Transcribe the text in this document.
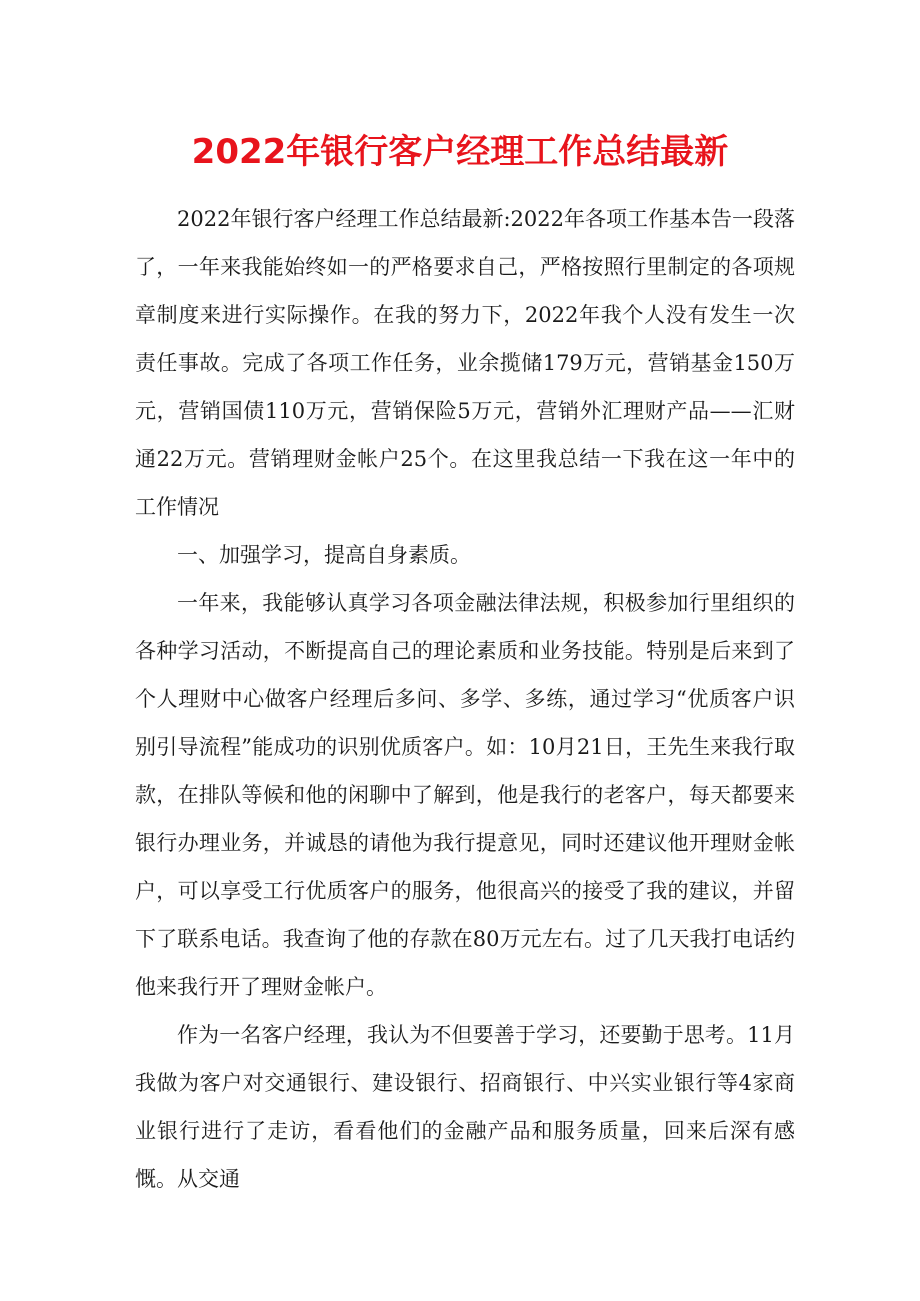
2022年银行客户经理工作总结最新

2022年银行客户经理工作总结最新:2022年各项工作基本告一段落了，一年来我能始终如一的严格要求自己，严格按照行里制定的各项规章制度来进行实际操作。在我的努力下，2022年我个人没有发生一次责任事故。完成了各项工作任务，业余揽储179万元，营销基金150万元，营销国债110万元，营销保险5万元，营销外汇理财产品——汇财通22万元。营销理财金帐户25个。在这里我总结一下我在这一年中的工作情况

一、加强学习，提高自身素质。

一年来，我能够认真学习各项金融法律法规，积极参加行里组织的各种学习活动，不断提高自己的理论素质和业务技能。特别是后来到了个人理财中心做客户经理后多问、多学、多练，通过学习“优质客户识别引导流程”能成功的识别优质客户。如：10月21日，王先生来我行取款，在排队等候和他的闲聊中了解到，他是我行的老客户，每天都要来银行办理业务，并诚恳的请他为我行提意见，同时还建议他开理财金帐户，可以享受工行优质客户的服务，他很高兴的接受了我的建议，并留下了联系电话。我查询了他的存款在80万元左右。过了几天我打电话约他来我行开了理财金帐户。

作为一名客户经理，我认为不但要善于学习，还要勤于思考。11月我做为客户对交通银行、建设银行、招商银行、中兴实业银行等4家商业银行进行了走访，看看他们的金融产品和服务质量，回来后深有感慨。从交通
